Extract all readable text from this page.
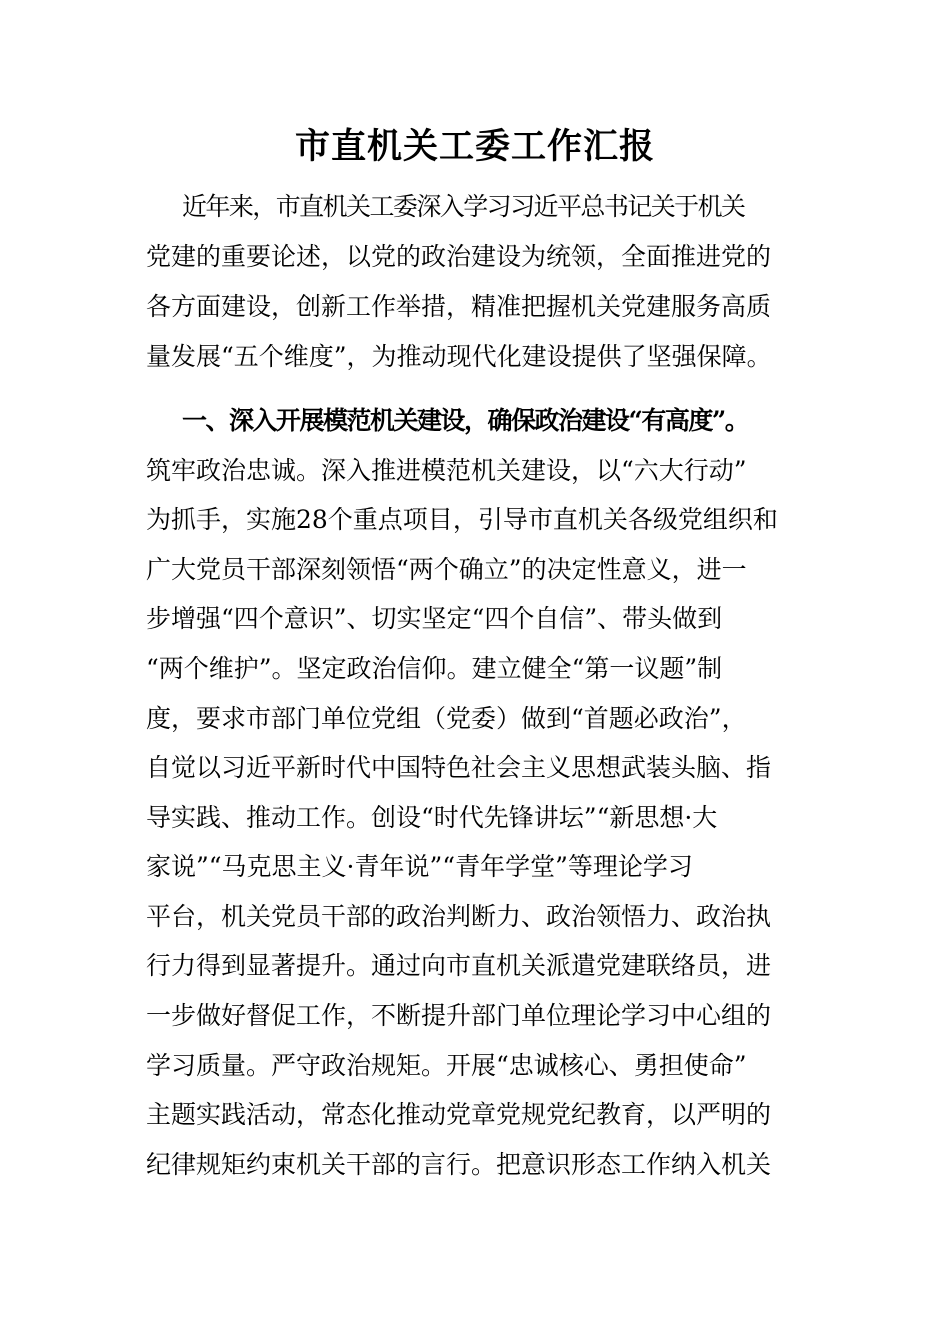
市直机关工委工作汇报
近年来，市直机关工委深入学习习近平总书记关于机关
党建的重要论述，以党的政治建设为统领，全面推进党的
各方面建设，创新工作举措，精准把握机关党建服务高质
量发展“五个维度”，为推动现代化建设提供了坚强保障。
一、深入开展模范机关建设，确保政治建设“有高度”。
筑牢政治忠诚。深入推进模范机关建设，以“六大行动”
为抓手，实施28个重点项目，引导市直机关各级党组织和
广大党员干部深刻领悟“两个确立”的决定性意义，进一
步增强“四个意识”、切实坚定“四个自信”、带头做到
“两个维护”。坚定政治信仰。建立健全“第一议题”制
度，要求市部门单位党组（党委）做到“首题必政治”，
自觉以习近平新时代中国特色社会主义思想武装头脑、指
导实践、推动工作。创设“时代先锋讲坛”“新思想·大
家说”“马克思主义·青年说”“青年学堂”等理论学习
平台，机关党员干部的政治判断力、政治领悟力、政治执
行力得到显著提升。通过向市直机关派遣党建联络员，进
一步做好督促工作，不断提升部门单位理论学习中心组的
学习质量。严守政治规矩。开展“忠诚核心、勇担使命”
主题实践活动，常态化推动党章党规党纪教育，以严明的
纪律规矩约束机关干部的言行。把意识形态工作纳入机关
